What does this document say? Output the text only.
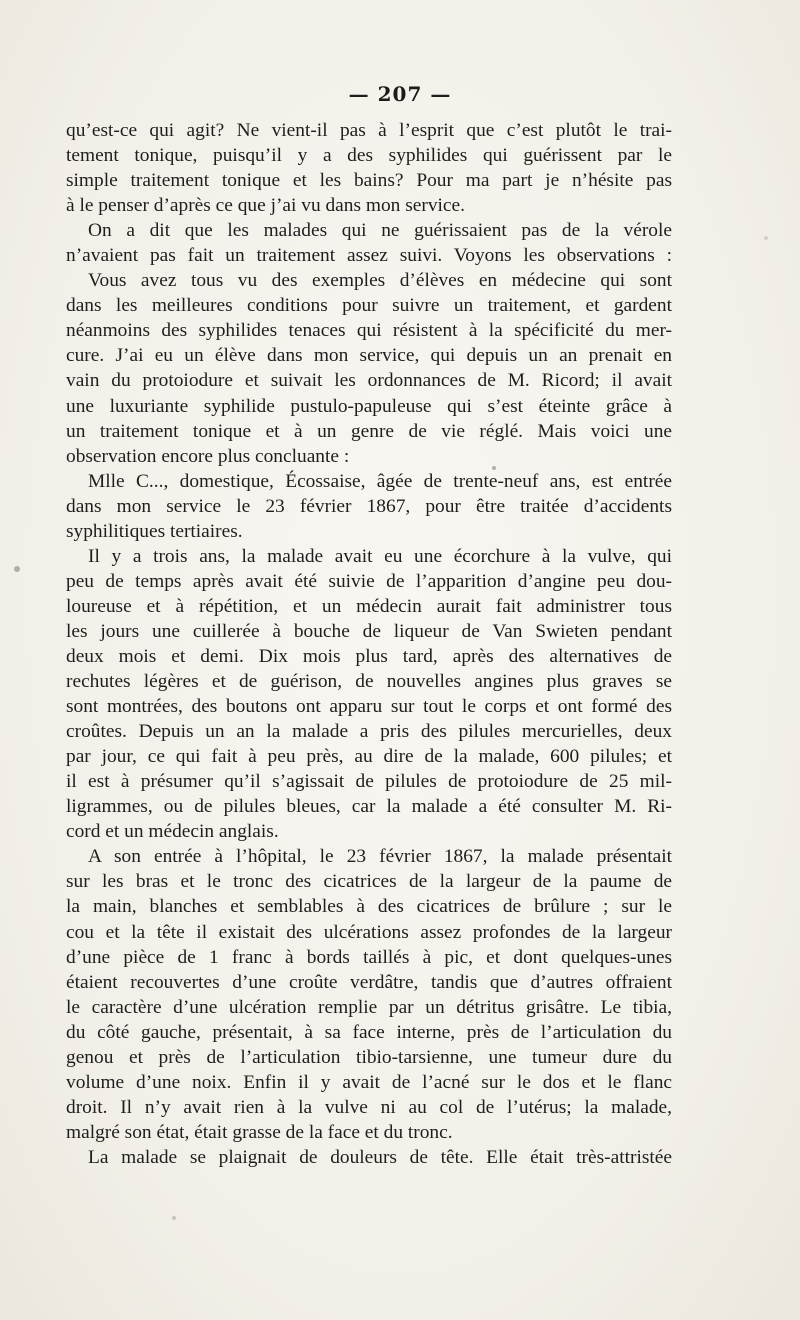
— 207 —
qu’est-ce qui agit? Ne vient-il pas à l’esprit que c’est plutôt le trai-
tement tonique, puisqu’il y a des syphilides qui guérissent par le
simple traitement tonique et les bains? Pour ma part je n’hésite pas
à le penser d’après ce que j’ai vu dans mon service.
On a dit que les malades qui ne guérissaient pas de la vérole
n’avaient pas fait un traitement assez suivi. Voyons les observations :
Vous avez tous vu des exemples d’élèves en médecine qui sont
dans les meilleures conditions pour suivre un traitement, et gardent
néanmoins des syphilides tenaces qui résistent à la spécificité du mer-
cure. J’ai eu un élève dans mon service, qui depuis un an prenait en
vain du protoiodure et suivait les ordonnances de M. Ricord; il avait
une luxuriante syphilide pustulo-papuleuse qui s’est éteinte grâce à
un traitement tonique et à un genre de vie réglé. Mais voici une
observation encore plus concluante :
Mlle C..., domestique, Écossaise, âgée de trente-neuf ans, est entrée
dans mon service le 23 février 1867, pour être traitée d’accidents
syphilitiques tertiaires.
Il y a trois ans, la malade avait eu une écorchure à la vulve, qui
peu de temps après avait été suivie de l’apparition d’angine peu dou-
loureuse et à répétition, et un médecin aurait fait administrer tous
les jours une cuillerée à bouche de liqueur de Van Swieten pendant
deux mois et demi. Dix mois plus tard, après des alternatives de
rechutes légères et de guérison, de nouvelles angines plus graves se
sont montrées, des boutons ont apparu sur tout le corps et ont formé des
croûtes. Depuis un an la malade a pris des pilules mercurielles, deux
par jour, ce qui fait à peu près, au dire de la malade, 600 pilules; et
il est à présumer qu’il s’agissait de pilules de protoiodure de 25 mil-
ligrammes, ou de pilules bleues, car la malade a été consulter M. Ri-
cord et un médecin anglais.
A son entrée à l’hôpital, le 23 février 1867, la malade présentait
sur les bras et le tronc des cicatrices de la largeur de la paume de
la main, blanches et semblables à des cicatrices de brûlure ; sur le
cou et la tête il existait des ulcérations assez profondes de la largeur
d’une pièce de 1 franc à bords taillés à pic, et dont quelques-unes
étaient recouvertes d’une croûte verdâtre, tandis que d’autres offraient
le caractère d’une ulcération remplie par un détritus grisâtre. Le tibia,
du côté gauche, présentait, à sa face interne, près de l’articulation du
genou et près de l’articulation tibio-tarsienne, une tumeur dure du
volume d’une noix. Enfin il y avait de l’acné sur le dos et le flanc
droit. Il n’y avait rien à la vulve ni au col de l’utérus; la malade,
malgré son état, était grasse de la face et du tronc.
La malade se plaignait de douleurs de tête. Elle était très-attristée
